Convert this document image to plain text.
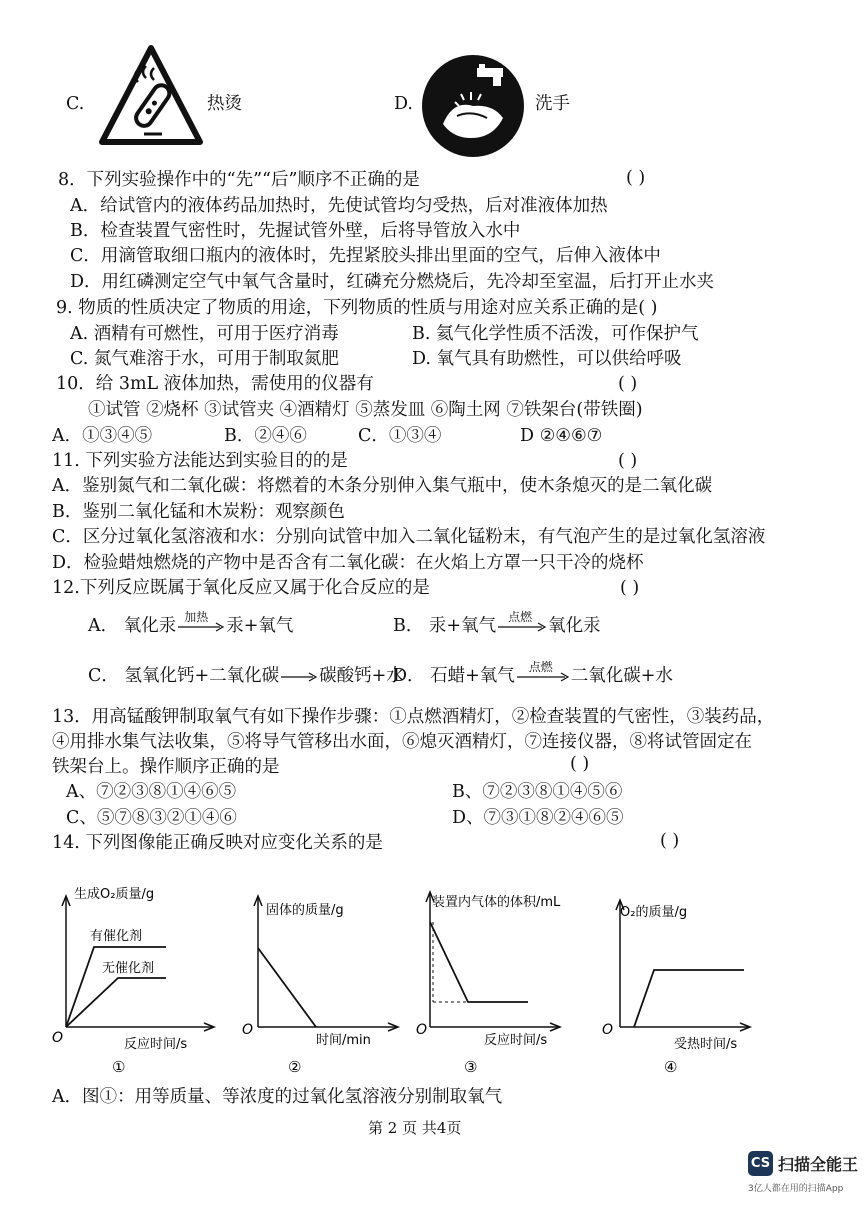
C.	热烫	D.	洗手
8．下列实验操作中的“先”“后”顺序不正确的是	( )
A．给试管内的液体药品加热时，先使试管均匀受热，后对准液体加热
B．检查装置气密性时，先握试管外壁，后将导管放入水中
C．用滴管取细口瓶内的液体时，先捏紧胶头排出里面的空气，后伸入液体中
D．用红磷测定空气中氧气含量时，红磷充分燃烧后，先冷却至室温，后打开止水夹
9. 物质的性质决定了物质的用途，下列物质的性质与用途对应关系正确的是( )
A. 酒精有可燃性，可用于医疗消毒	B. 氦气化学性质不活泼，可作保护气
C. 氮气难溶于水，可用于制取氮肥	D. 氧气具有助燃性，可以供给呼吸
10．给 3mL 液体加热，需使用的仪器有	( )
①试管 ②烧杯 ③试管夹 ④酒精灯 ⑤蒸发皿 ⑥陶土网 ⑦铁架台(带铁圈)
A．①③④⑤	B．②④⑥	C．①③④	D ②④⑥⑦
11. 下列实验方法能达到实验目的的是	( )
A．鉴别氮气和二氧化碳：将燃着的木条分别伸入集气瓶中，使木条熄灭的是二氧化碳
B．鉴别二氧化锰和木炭粉：观察颜色
C．区分过氧化氢溶液和水：分别向试管中加入二氧化锰粉末，有气泡产生的是过氧化氢溶液
D．检验蜡烛燃烧的产物中是否含有二氧化碳：在火焰上方罩一只干冷的烧杯
12.下列反应既属于氧化反应又属于化合反应的是	( )
A． 氧化汞 加热 汞+氧气	B． 汞+氧气 点燃 氧化汞
C． 氢氧化钙+二氧化碳→碳酸钙+水
D． 石蜡+氧气 点燃 二氧化碳+水
13．用高锰酸钾制取氧气有如下操作步骤：①点燃酒精灯，②检查装置的气密性，③装药品，
④用排水集气法收集，⑤将导气管移出水面，⑥熄灭酒精灯，⑦连接仪器，⑧将试管固定在
铁架台上。操作顺序正确的是	( )
A、⑦②③⑧①④⑥⑤	B、⑦②③⑧①④⑤⑥
C、⑤⑦⑧③②①④⑥	D、⑦③①⑧②④⑥⑤
14. 下列图像能正确反映对应变化关系的是	( )
生成O₂质量/g
有催化剂
无催化剂
O	反应时间/s
①
固体的质量/g
O
时间/min
②
装置内气体的体积/mL
O
反应时间/s
③
O₂的质量/g
O
受热时间/s
④
A．图①：用等质量、等浓度的过氧化氢溶液分别制取氧气
第 2 页 共4页
CS 扫描全能王
3亿人都在用的扫描App
